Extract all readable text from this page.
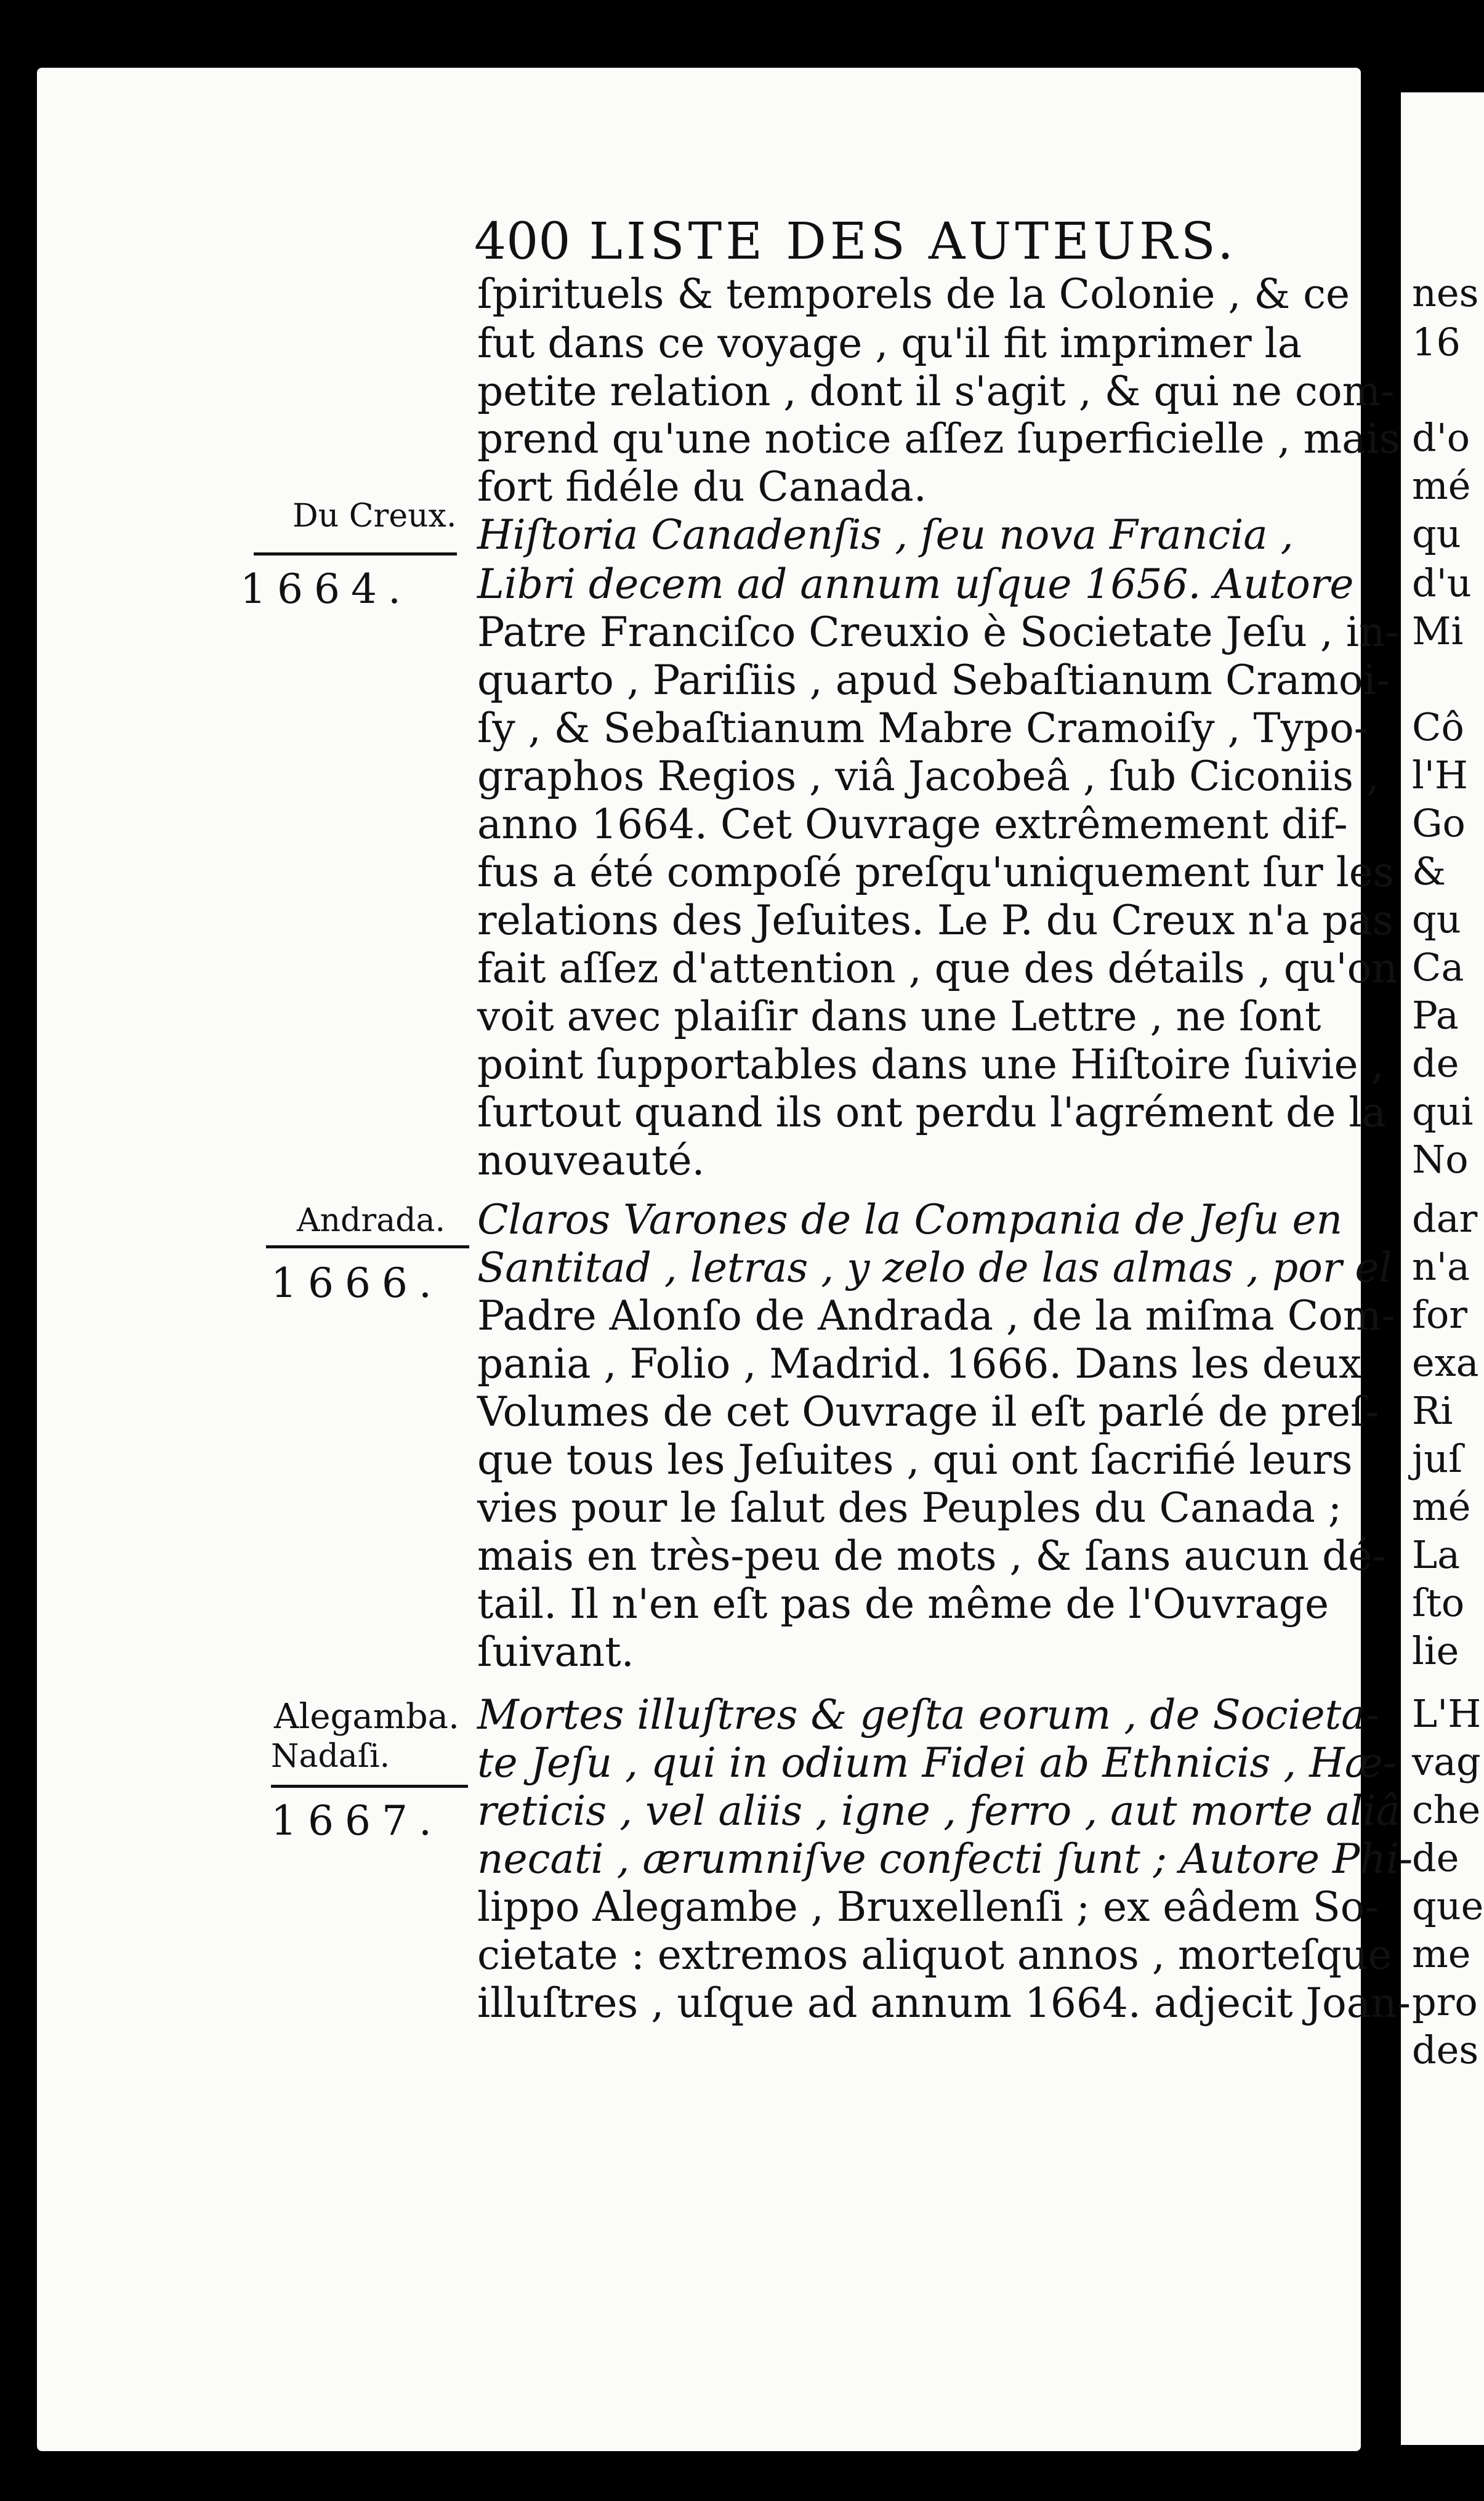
nes
16
d'o
mé
qu
d'u
Mi
Cô
l'H
Go
&
qu
Ca
Pa
de
qui
No
dar
n'a
for
exa
Ri
juſ
mé
La
ſto
lie
L'H
vag
che
de
que
me
pro
des
400 LISTE DES AUTEURS.
ſpirituels & temporels de la Colonie , & ce
fut dans ce voyage , qu'il fit imprimer la
petite relation , dont il s'agit , & qui ne com-
prend qu'une notice aſſez ſuperficielle , mais
fort fidéle du Canada.
Hiſtoria Canadenſis , ſeu nova Francia ,
Libri decem ad annum uſque 1656. Autore
Patre Franciſco Creuxio è Societate Jeſu , in-
quarto , Pariſiis , apud Sebaſtianum Cramoi-
ſy , & Sebaſtianum Mabre Cramoiſy , Typo-
graphos Regios , viâ Jacobeâ , ſub Ciconiis ,
anno 1664. Cet Ouvrage extrêmement dif-
fus a été compoſé preſqu'uniquement ſur les
relations des Jeſuites. Le P. du Creux n'a pas
fait aſſez d'attention , que des détails , qu'on
voit avec plaiſir dans une Lettre , ne ſont
point ſupportables dans une Hiſtoire ſuivie ,
ſurtout quand ils ont perdu l'agrément de la
nouveauté.
Claros Varones de la Compania de Jeſu en
Santitad , letras , y zelo de las almas , por el
Padre Alonſo de Andrada , de la miſma Com-
pania , Folio , Madrid. 1666. Dans les deux
Volumes de cet Ouvrage il eſt parlé de preſ-
que tous les Jeſuites , qui ont ſacrifié leurs
vies pour le ſalut des Peuples du Canada ;
mais en très-peu de mots , & ſans aucun dé-
tail. Il n'en eſt pas de même de l'Ouvrage
ſuivant.
Mortes illuſtres & geſta eorum , de Societa-
te Jeſu , qui in odium Fidei ab Ethnicis , Hæ-
reticis , vel aliis , igne , ferro , aut morte aliâ
necati , ærumniſve confecti ſunt ; Autore Phi-
lippo Alegambe , Bruxellenſi ; ex eâdem So-
cietate : extremos aliquot annos , morteſque
illuſtres , uſque ad annum 1664. adjecit Joan-
Du Creux.
1664.
Andrada.
1666.
Alegamba.
Nadaſi.
1667.
